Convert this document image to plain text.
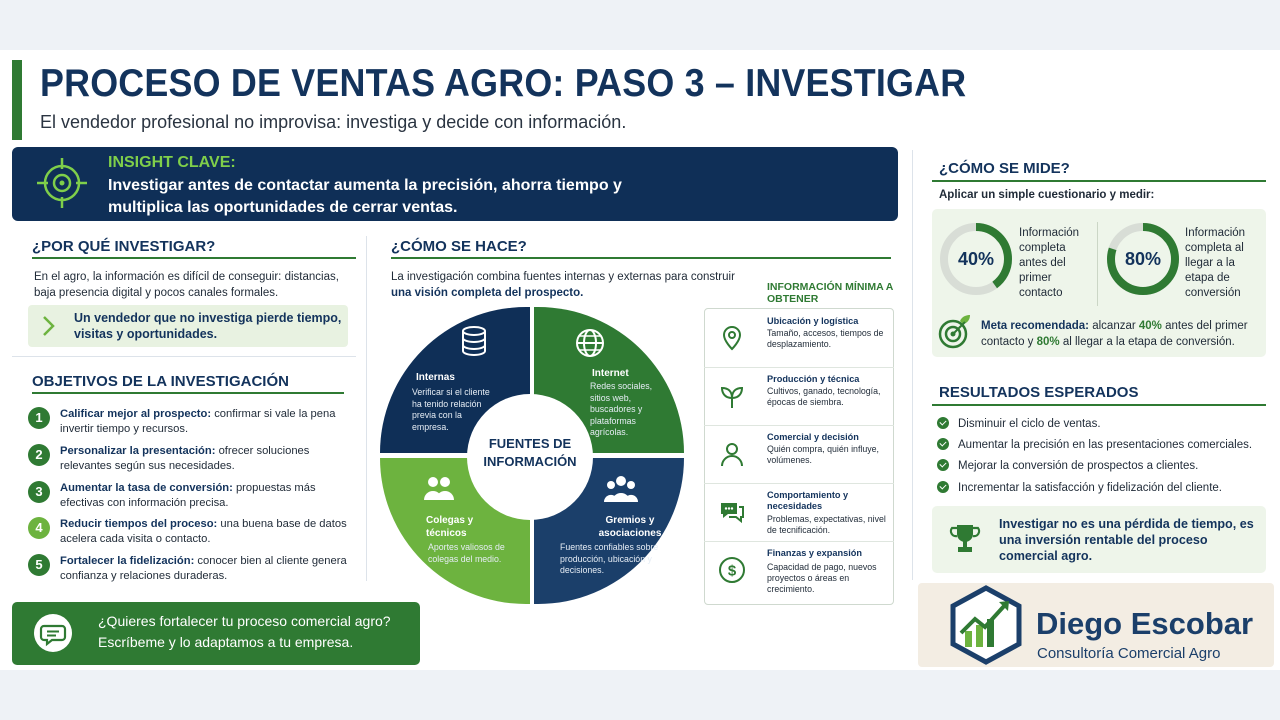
PROCESO DE VENTAS AGRO: PASO 3 – INVESTIGAR
El vendedor profesional no improvisa: investiga y decide con información.
INSIGHT CLAVE:
Investigar antes de contactar aumenta la precisión, ahorra tiempo y multiplica las oportunidades de cerrar ventas.
¿POR QUÉ INVESTIGAR?
En el agro, la información es difícil de conseguir: distancias, baja presencia digital y pocos canales formales.
Un vendedor que no investiga pierde tiempo, visitas y oportunidades.
OBJETIVOS DE LA INVESTIGACIÓN
1	Calificar mejor al prospecto: confirmar si vale la pena invertir tiempo y recursos.
2	Personalizar la presentación: ofrecer soluciones relevantes según sus necesidades.
3	Aumentar la tasa de conversión: propuestas más efectivas con información precisa.
4	Reducir tiempos del proceso: una buena base de datos acelera cada visita o contacto.
5	Fortalecer la fidelización: conocer bien al cliente genera confianza y relaciones duraderas.
¿Quieres fortalecer tu proceso comercial agro?
Escríbeme y lo adaptamos a tu empresa.
¿CÓMO SE HACE?
La investigación combina fuentes internas y externas para construir una visión completa del prospecto.
Internas
Verificar si el cliente ha tenido relación previa con la empresa.
Internet
Redes sociales, sitios web, buscadores y plataformas agrícolas.
Colegas y técnicos
Aportes valiosos de colegas del medio.
Gremios y asociaciones
Fuentes confiables sobre producción, ubicación y decisiones.
FUENTES DE INFORMACIÓN
INFORMACIÓN MÍNIMA A OBTENER
Ubicación y logística
Tamaño, accesos, tiempos de desplazamiento.
Producción y técnica
Cultivos, ganado, tecnología, épocas de siembra.
Comercial y decisión
Quién compra, quién influye, volúmenes.
Comportamiento y necesidades
Problemas, expectativas, nivel de tecnificación.
$
Finanzas y expansión
Capacidad de pago, nuevos proyectos o áreas en crecimiento.
¿CÓMO SE MIDE?
Aplicar un simple cuestionario y medir:
40%
Información completa antes del primer contacto
80%
Información completa al llegar a la etapa de conversión
Meta recomendada: alcanzar 40% antes del primer contacto y 80% al llegar a la etapa de conversión.
RESULTADOS ESPERADOS
Disminuir el ciclo de ventas.
Aumentar la precisión en las presentaciones comerciales.
Mejorar la conversión de prospectos a clientes.
Incrementar la satisfacción y fidelización del cliente.
Investigar no es una pérdida de tiempo, es una inversión rentable del proceso comercial agro.
Diego Escobar
Consultoría Comercial Agro
